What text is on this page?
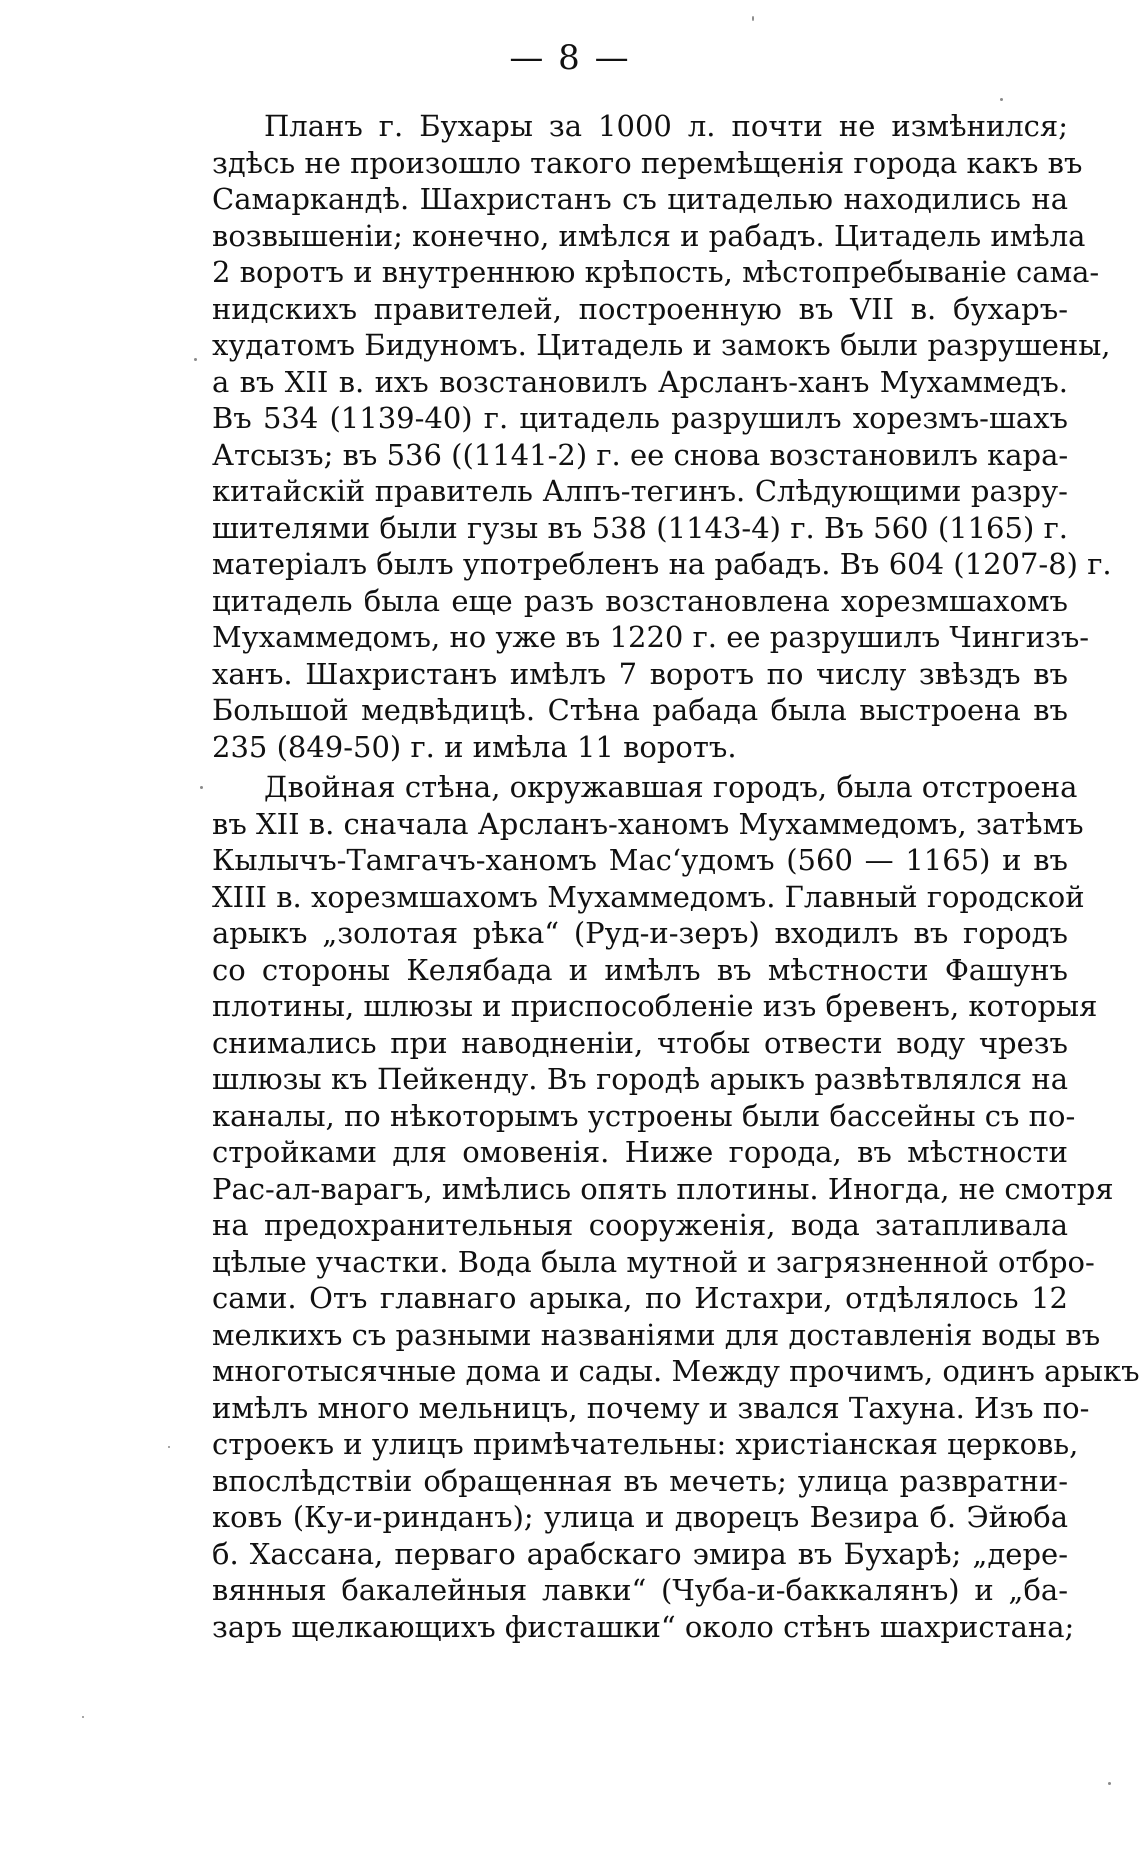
— 8 —
Планъ г. Бухары за 1000 л. почти не измѣнился;
здѣсь не произошло такого перемѣщенія города какъ въ
Самаркандѣ. Шахристанъ съ цитаделью находились на
возвышеніи; конечно, имѣлся и рабадъ. Цитадель имѣла
2 воротъ и внутреннюю крѣпость, мѣстопребываніе сама-
нидскихъ правителей, построенную въ VII в. бухаръ-
худатомъ Бидуномъ. Цитадель и замокъ были разрушены,
а въ XII в. ихъ возстановилъ Арсланъ-ханъ Мухаммедъ.
Въ 534 (1139-40) г. цитадель разрушилъ хорезмъ-шахъ
Атсызъ; въ 536 ((1141-2) г. ее снова возстановилъ кара-
китайскій правитель Алпъ-тегинъ. Слѣдующими разру-
шителями были гузы въ 538 (1143-4) г. Въ 560 (1165) г.
матеріалъ былъ употребленъ на рабадъ. Въ 604 (1207-8) г.
цитадель была еще разъ возстановлена хорезмшахомъ
Мухаммедомъ, но уже въ 1220 г. ее разрушилъ Чингизъ-
ханъ. Шахристанъ имѣлъ 7 воротъ по числу звѣздъ въ
Большой медвѣдицѣ. Стѣна рабада была выстроена въ
235 (849-50) г. и имѣла 11 воротъ.
Двойная стѣна, окружавшая городъ, была отстроена
въ XII в. сначала Арсланъ-ханомъ Мухаммедомъ, затѣмъ
Кылычъ-Тамгачъ-ханомъ Мас‘удомъ (560 — 1165) и въ
XIII в. хорезмшахомъ Мухаммедомъ. Главный городской
арыкъ „золотая рѣка“ (Руд-и-зеръ) входилъ въ городъ
со стороны Келябада и имѣлъ въ мѣстности Фашунъ
плотины, шлюзы и приспособленіе изъ бревенъ, которыя
снимались при наводненіи, чтобы отвести воду чрезъ
шлюзы къ Пейкенду. Въ городѣ арыкъ развѣтвлялся на
каналы, по нѣкоторымъ устроены были бассейны съ по-
стройками для омовенія. Ниже города, въ мѣстности
Рас-ал-варагъ, имѣлись опять плотины. Иногда, не смотря
на предохранительныя сооруженія, вода затапливала
цѣлые участки. Вода была мутной и загрязненной отбро-
сами. Отъ главнаго арыка, по Истахри, отдѣлялось 12
мелкихъ съ разными названіями для доставленія воды въ
многотысячные дома и сады. Между прочимъ, одинъ арыкъ
имѣлъ много мельницъ, почему и звался Тахуна. Изъ по-
строекъ и улицъ примѣчательны: христіанская церковь,
впослѣдствіи обращенная въ мечеть; улица развратни-
ковъ (Ку-и-ринданъ); улица и дворецъ Везира б. Эйюба
б. Хассана, перваго арабскаго эмира въ Бухарѣ; „дере-
вянныя бакалейныя лавки“ (Чуба-и-баккалянъ) и „ба-
заръ щелкающихъ фисташки“ около стѣнъ шахристана;
